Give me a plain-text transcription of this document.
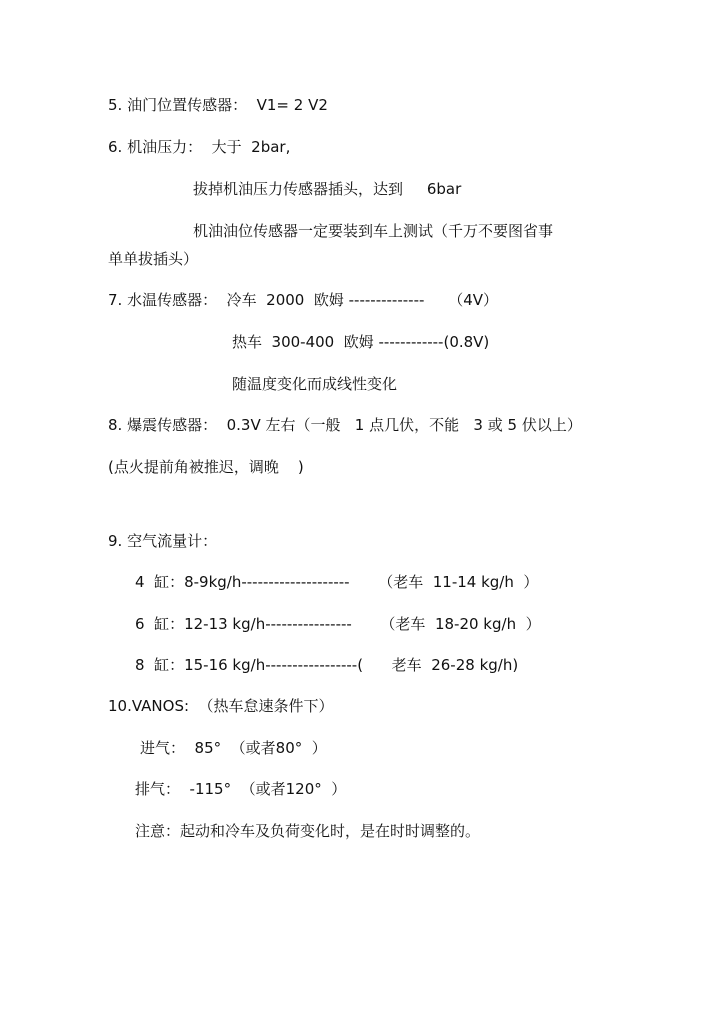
5. 油门位置传感器：  V1= 2 V2

6. 机油压力：  大于  2bar,

拔掉机油压力传感器插头，达到     6bar

机油油位传感器一定要装到车上测试（千万不要图省事

单单拔插头）

7. 水温传感器：  冷车  2000  欧姆 --------------     （4V）

热车  300-400  欧姆 ------------(0.8V)

随温度变化而成线性变化

8. 爆震传感器：  0.3V 左右（一般   1 点几伏，不能   3 或 5 伏以上）

(点火提前角被推迟，调晚    )

9. 空气流量计：

4  缸：8-9kg/h--------------------      （老车  11-14 kg/h  ）

6  缸：12-13 kg/h----------------      （老车  18-20 kg/h  ）

8  缸：15-16 kg/h-----------------(      老车  26-28 kg/h)

10.VANOS:  （热车怠速条件下）

进气：  85°  （或者80°  ）

排气：  -115°  （或者120°  ）

注意：起动和冷车及负荷变化时，是在时时调整的。
